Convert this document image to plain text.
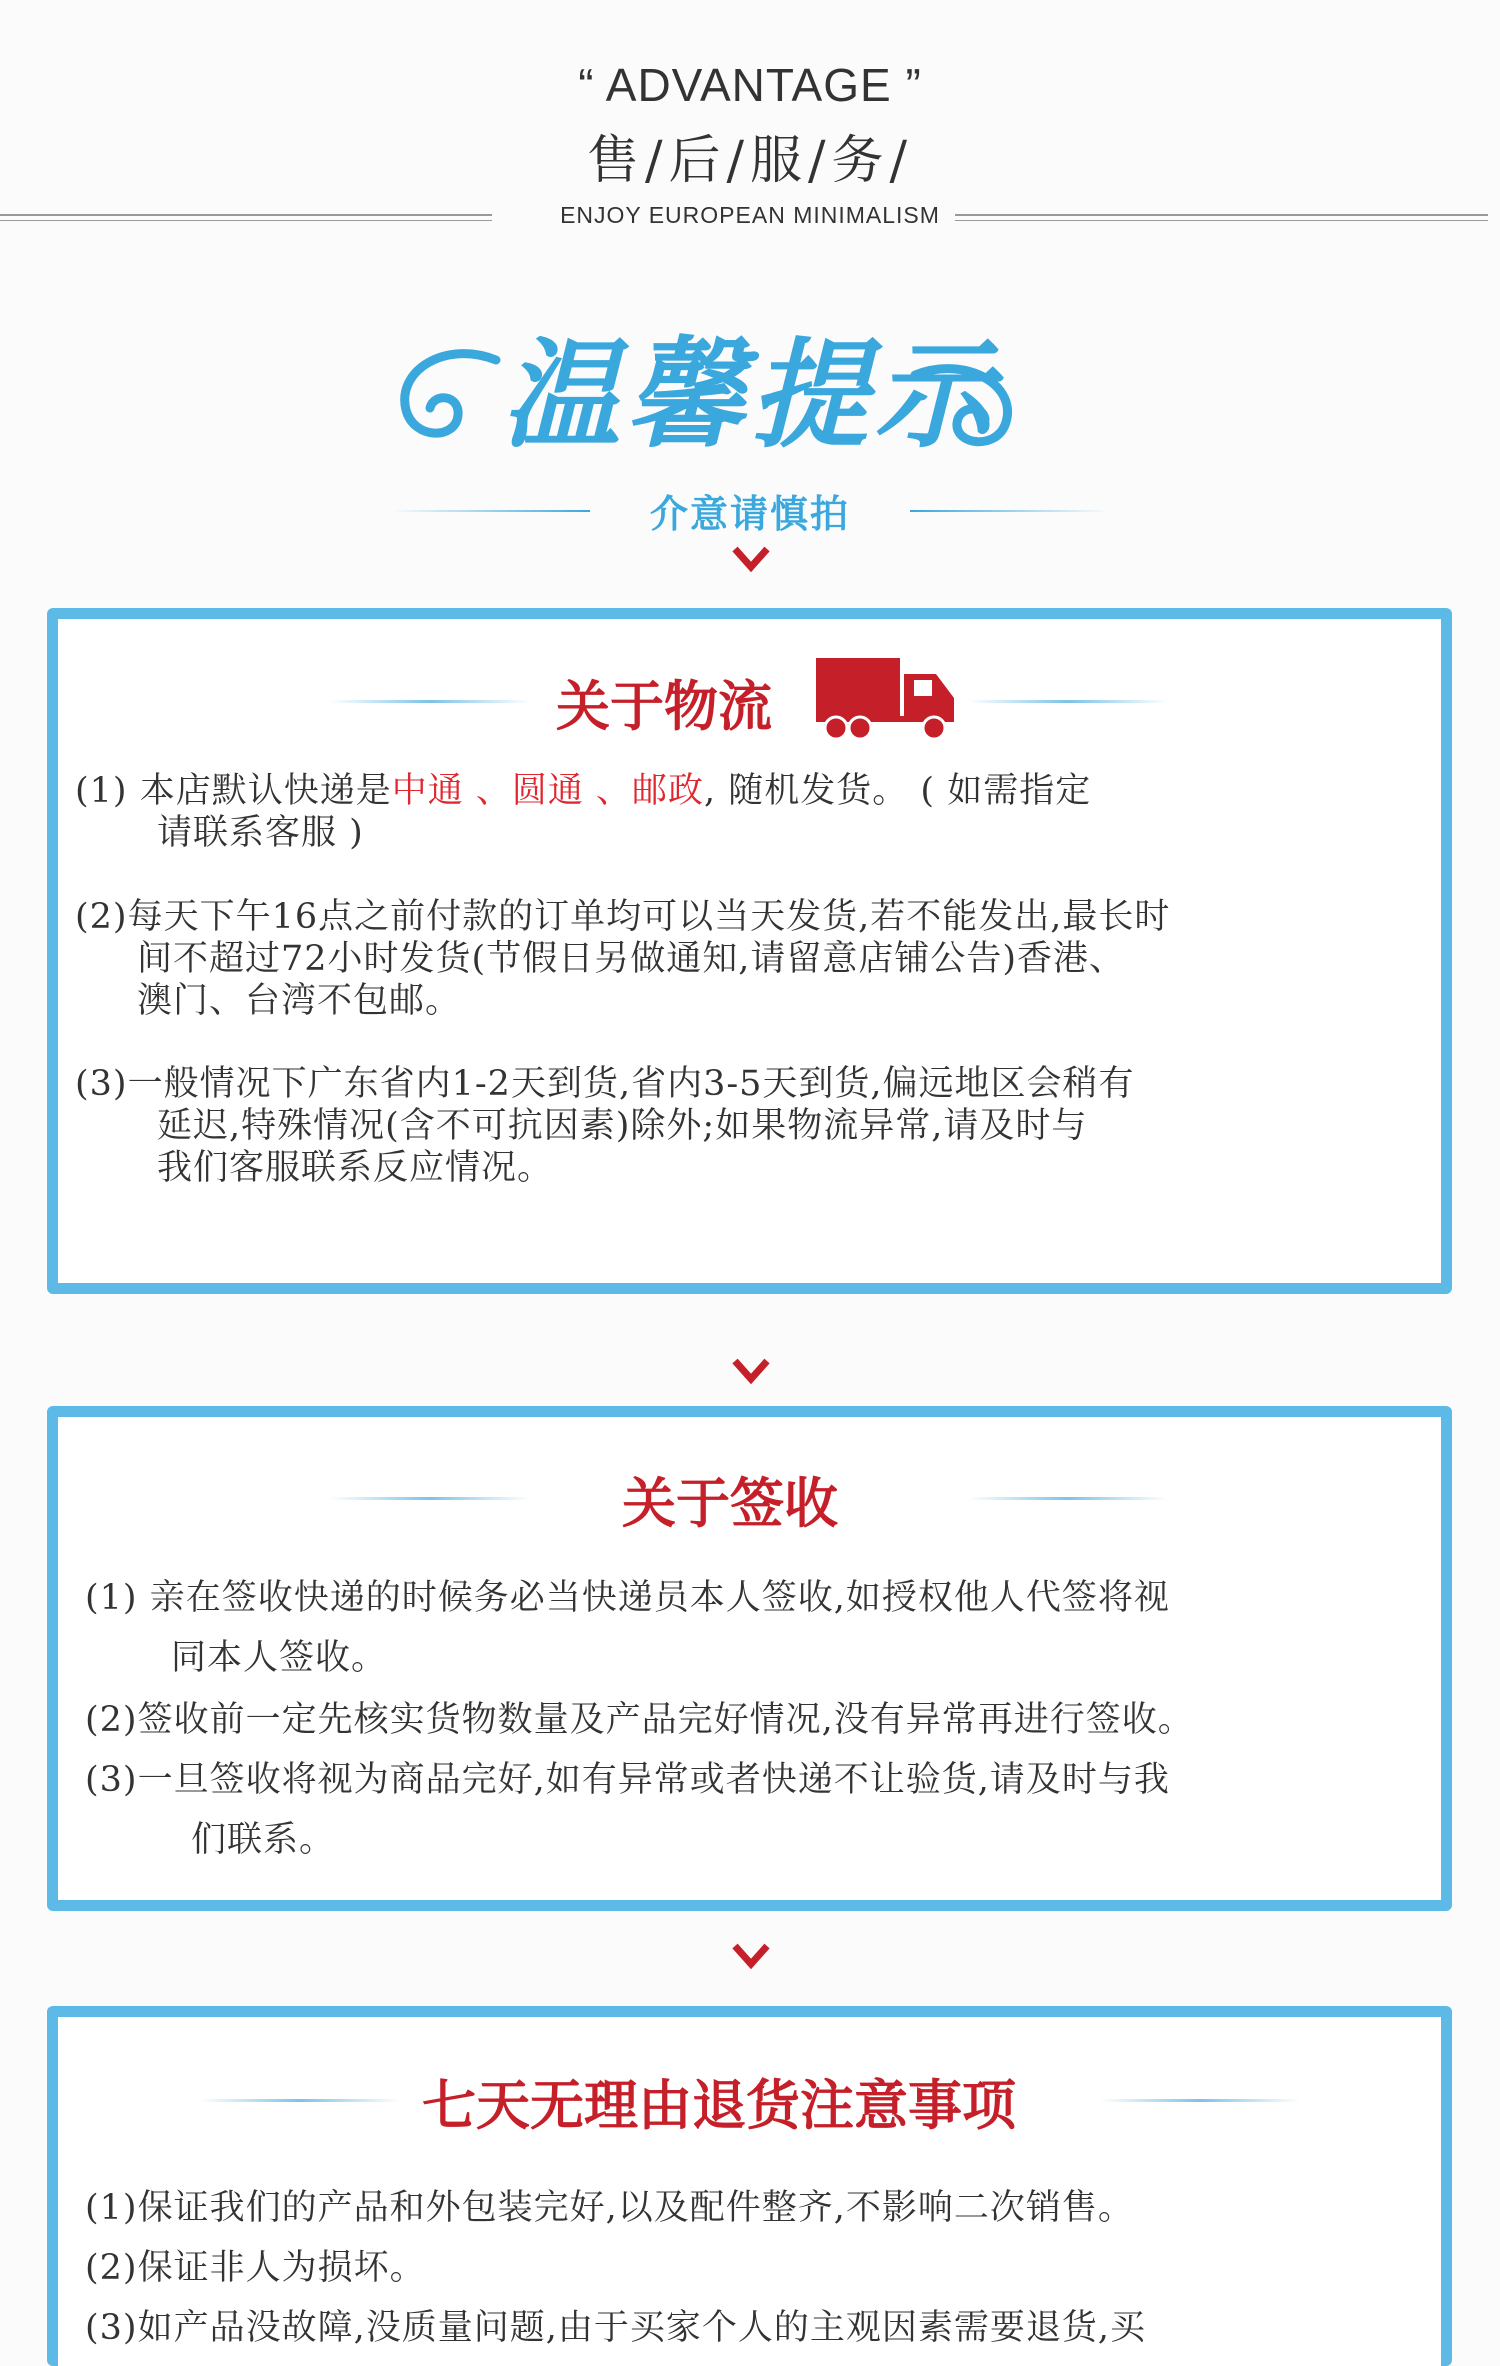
“ ADVANTAGE ”
售/后/服/务/
ENJOY EUROPEAN MINIMALISM
温馨提示
介意请慎拍
关于物流
(1) 本店默认快递是中通 、圆通 、邮政, 随机发货。 ( 如需指定
请联系客服 )
(2)每天下午16点之前付款的订单均可以当天发货,若不能发出,最长时
间不超过72小时发货(节假日另做通知,请留意店铺公告)香港、
澳门、台湾不包邮。
(3)一般情况下广东省内1-2天到货,省内3-5天到货,偏远地区会稍有
延迟,特殊情况(含不可抗因素)除外;如果物流异常,请及时与
我们客服联系反应情况。
关于签收
(1) 亲在签收快递的时候务必当快递员本人签收,如授权他人代签将视
同本人签收。
(2)签收前一定先核实货物数量及产品完好情况,没有异常再进行签收。
(3)一旦签收将视为商品完好,如有异常或者快递不让验货,请及时与我
们联系。
七天无理由退货注意事项
(1)保证我们的产品和外包装完好,以及配件整齐,不影响二次销售。
(2)保证非人为损坏。
(3)如产品没故障,没质量问题,由于买家个人的主观因素需要退货,买
